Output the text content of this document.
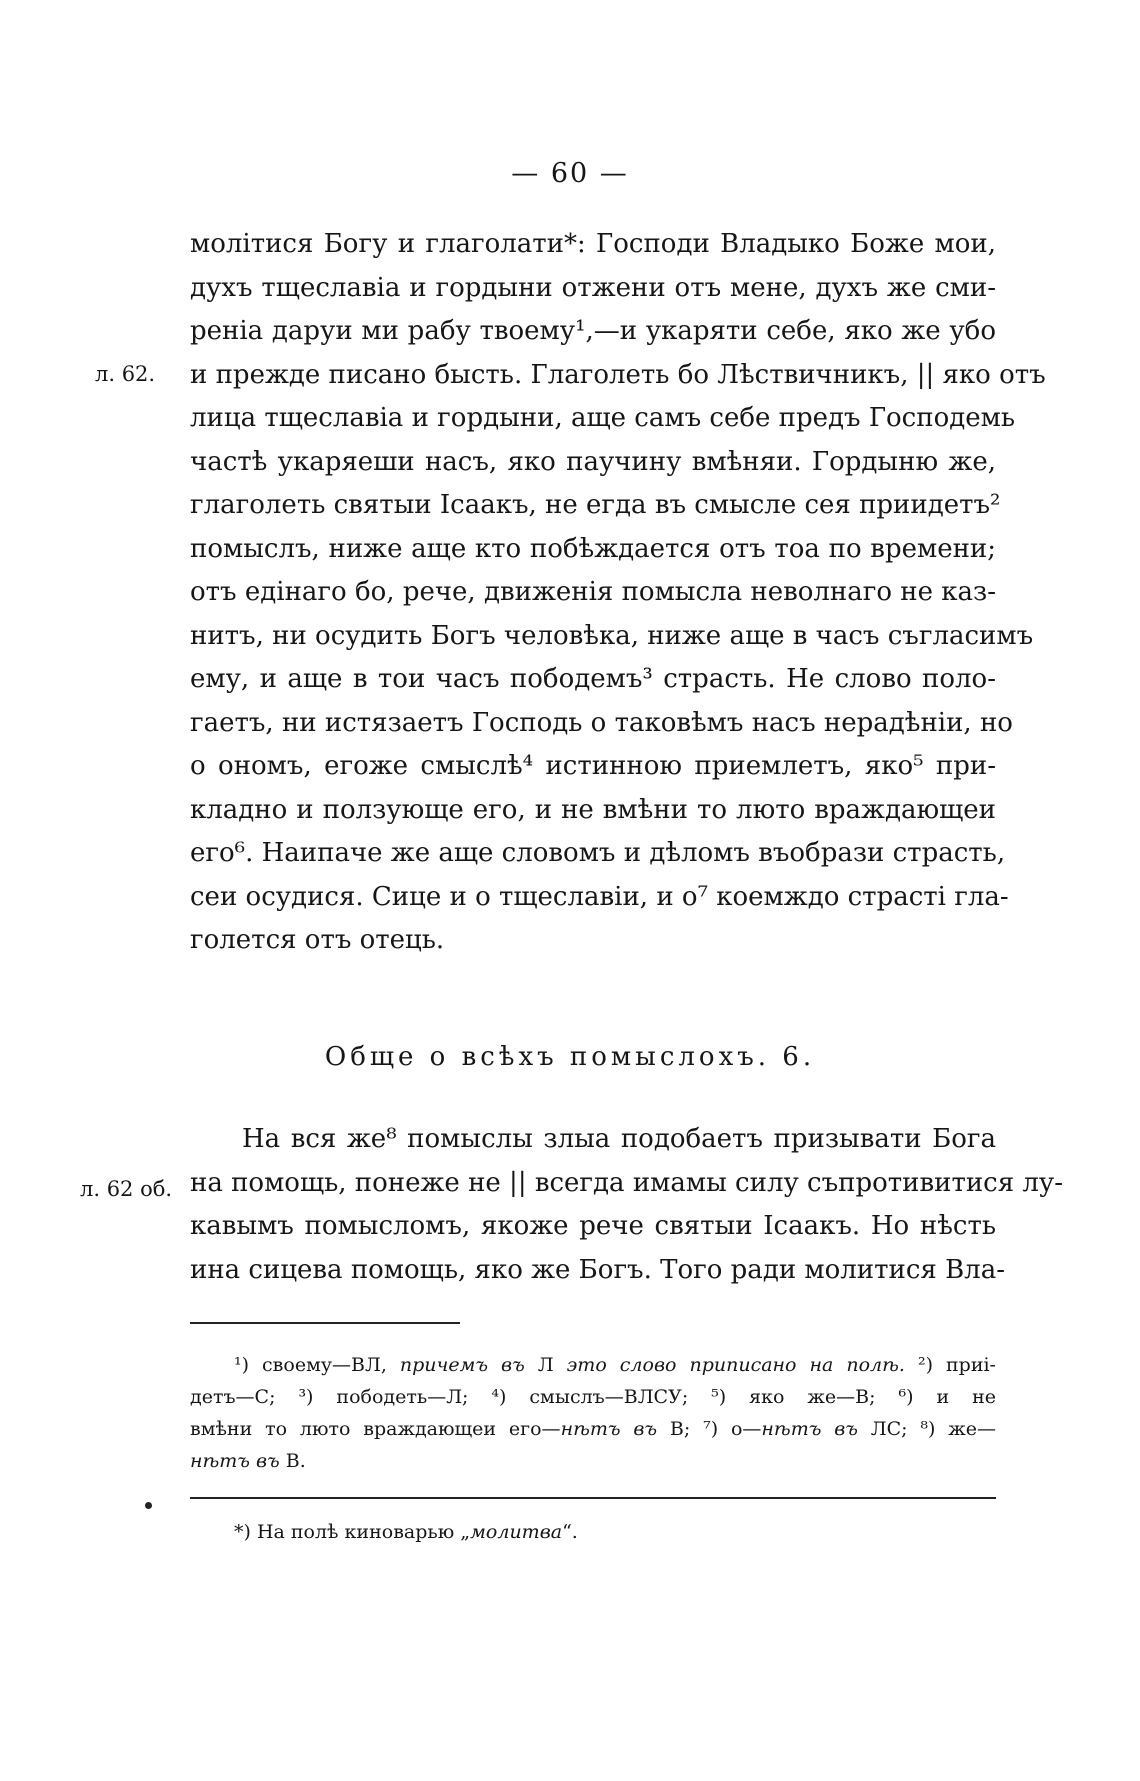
— 60 —
л. 62.
л. 62 об.
молітися Богу и глаголати*: Господи Владыко Боже мои,
духъ тщеславіа и гордыни отжени отъ мене, духъ же сми-
реніа даруи ми рабу твоему¹,—и укаряти себе, яко же убо
и прежде писано бысть. Глаголеть бо Лѣствичникъ, || яко отъ
лица тщеславіа и гордыни, аще самъ себе предъ Господемь
частѣ укаряеши насъ, яко паучину вмѣняи. Гордыню же,
глаголеть святыи Ісаакъ, не егда въ смысле сея приидетъ²
помыслъ, ниже аще кто побѣждается отъ тоа по времени;
отъ едінаго бо, рече, движенія помысла неволнаго не каз-
нитъ, ни осудить Богъ человѣка, ниже аще в часъ съгласимъ
ему, и аще в тои часъ пободемъ³ страсть. Не слово поло-
гаетъ, ни истязаетъ Господь о таковѣмъ насъ нерадѣніи, но
о ономъ, егоже смыслѣ⁴ истинною приемлетъ, яко⁵ при-
кладно и ползующе его, и не вмѣни то люто враждающеи
его⁶. Наипаче же аще словомъ и дѣломъ въобрази страсть,
сеи осудися. Сице и о тщеславіи, и о⁷ коемждо страсті гла-
голется отъ отець.
Обще о всѣхъ помыслохъ. 6.
На вся же⁸ помыслы злыа подобаетъ призывати Бога
на помощь, понеже не || всегда имамы силу съпротивитися лу-
кавымъ помысломъ, якоже рече святыи Ісаакъ. Но нѣсть
ина сицева помощь, яко же Богъ. Того ради молитися Вла-
¹) своему—ВЛ, причемъ въ Л это слово приписано на полѣ. ²) приі-
детъ—С; ³) пободеть—Л; ⁴) смыслъ—ВЛСУ; ⁵) яко же—В; ⁶) и не
вмѣни то люто враждающеи его—нѣтъ въ В; ⁷) о—нѣтъ въ ЛС; ⁸) же—
нѣтъ въ В.
*) На полѣ киноварью „молитва“.
